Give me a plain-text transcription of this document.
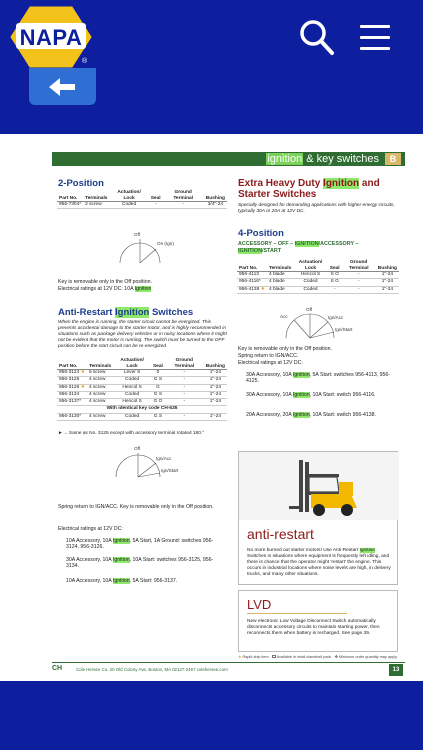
NAPA
®
ignition & key switches	B
2-Position
Part No.	Terminals	Actuation/ Lock	Seal	Ground Terminal	Bushing
956-7304*	2 screw	Coded	-	-	3/4"-24
Off
On (Ign)
Key is removable only in the Off position.
Electrical ratings at 12V DC: 10A Ignition
Anti-Restart Ignition Switches
When the engine is running, the starter circuit cannot be energized. This prevents accidental damage to the starter motor, and is highly recommended in situations such as package delivery vehicles or in noisy locations where it might not be evident that the motor is running. The switch must be turned to the OFF position before the start circuit can be re-energized.
Part No.	Terminals	Actuation/ Lock	Seal	Ground Terminal	Bushing
956-3124 ★	5 screw	Lever S	0	-	1"-24
956-3125	4 screw	Coded	G S	-	1"-24
956-3126 ★	4 screw	Hencol S	G	-	1"-24
956-3134	4 screw	Coded	G S	-	1"-24
956-3137*	4 screw	Hencol S	G O	-	1"-24
With identical key code CH-535					
956-3130*	4 screw	Coded	G S	-	1"-24
►→ Same as No. 3125 except with accessory terminal rotated 180.°
Off
Ign/Acc
Ign/Start
Spring return to IGN/ACC. Key is removable only in the Off position.
Electrical ratings at 12V DC:
10A Accessory, 10A Ignition, 5A Start, 1A Ground: switches 956-3124, 956-3126.
30A Accessory, 10A Ignition, 10A Start: switches 956-3125, 956-3134.
10A Accessory, 10A Ignition, 5A Start: 956-3137.
Extra Heavy Duty Ignition and Starter Switches
Specially designed for demanding applications with higher energy circuits, typically 30A or 20A at 12V DC.
4-Position
ACCESSORY – OFF – IGNITION/ACCESSORY – IGNITION/START
Part No.	Terminals	Actuation/ Lock	Seal	Ground Terminal	Bushing
956-4113	4 blade	Hencol S	S O	-	1"-24
956-4116*	4 blade	Coded	S G	-	1"-24
956-4138 ★	4 blade	Coded	-	-	1"-24
Acc
Off
Ign/Acc
Ign/Start
Key is removable only in the Off position.
Spring return to IGN/ACC.
Electrical ratings at 12V DC:
30A Accessory, 10A Ignition, 5A Start: switches 956-4113, 956-4125.
30A Accessory, 10A Ignition, 10A Start: switch 956-4116.
20A Accessory, 20A Ignition, 10A Start: switch 956-4138.
anti-restart
No more burned out starter motors! Use Anti-Restart Ignition Switches in situations where equipment is frequently left idling, and there is chance that the operator might 'restart' the engine. This occurs in industrial locations where noise levels are high, in delivery trucks, and many other situations.
LVD
New electronic Low Voltage Disconnect Switch automatically disconnects accessory circuits to maintain starting power, then reconnects them when battery is recharged. See page 39.
★ Rapid ship item Available in retail clamshell pack ❖ Minimum order quantity may apply.
CH	Cole Hersee Co. 20 Old Colony Ave, Boston, MA 02127-2467 colehersee.com	13
